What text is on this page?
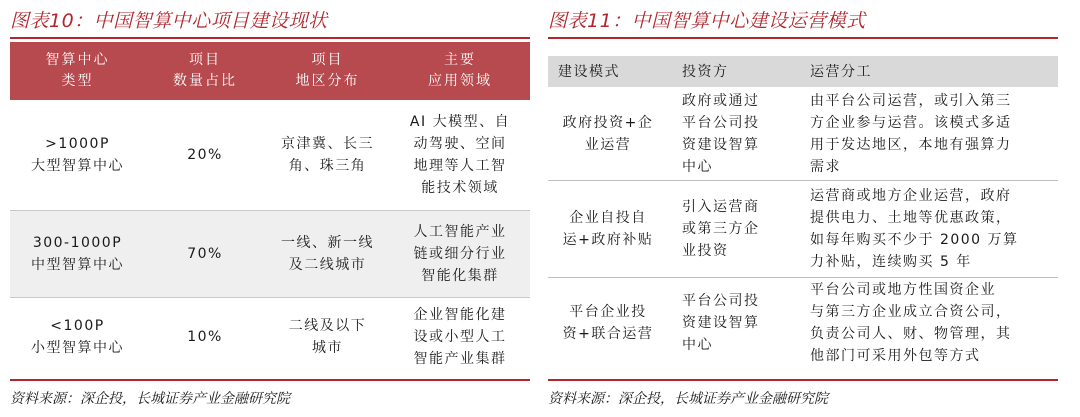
图表10：中国智算中心项目建设现状
智算中心
类型
项目
数量占比
项目
地区分布
主要
应用领域
>1000P
大型智算中心
20%
京津冀、长三
角、珠三角
AI 大模型、自
动驾驶、空间
地理等人工智
能技术领域
300-1000P
中型智算中心
70%
一线、新一线
及二线城市
人工智能产业
链或细分行业
智能化集群
<100P
小型智算中心
10%
二线及以下
城市
企业智能化建
设或小型人工
智能产业集群
资料来源：深企投，长城证券产业金融研究院
图表11：中国智算中心建设运营模式
建设模式	投资方	运营分工
政府投资+企
业运营
政府或通过
平台公司投
资建设智算
中心
由平台公司运营，或引入第三
方企业参与运营。该模式多适
用于发达地区，本地有强算力
需求
企业自投自
运+政府补贴
引入运营商
或第三方企
业投资
运营商或地方企业运营，政府
提供电力、土地等优惠政策，
如每年购买不少于 2000 万算
力补贴，连续购买 5 年
平台企业投
资+联合运营
平台公司投
资建设智算
中心
平台公司或地方性国资企业
与第三方企业成立合资公司，
负责公司人、财、物管理，其
他部门可采用外包等方式
资料来源：深企投，长城证券产业金融研究院
